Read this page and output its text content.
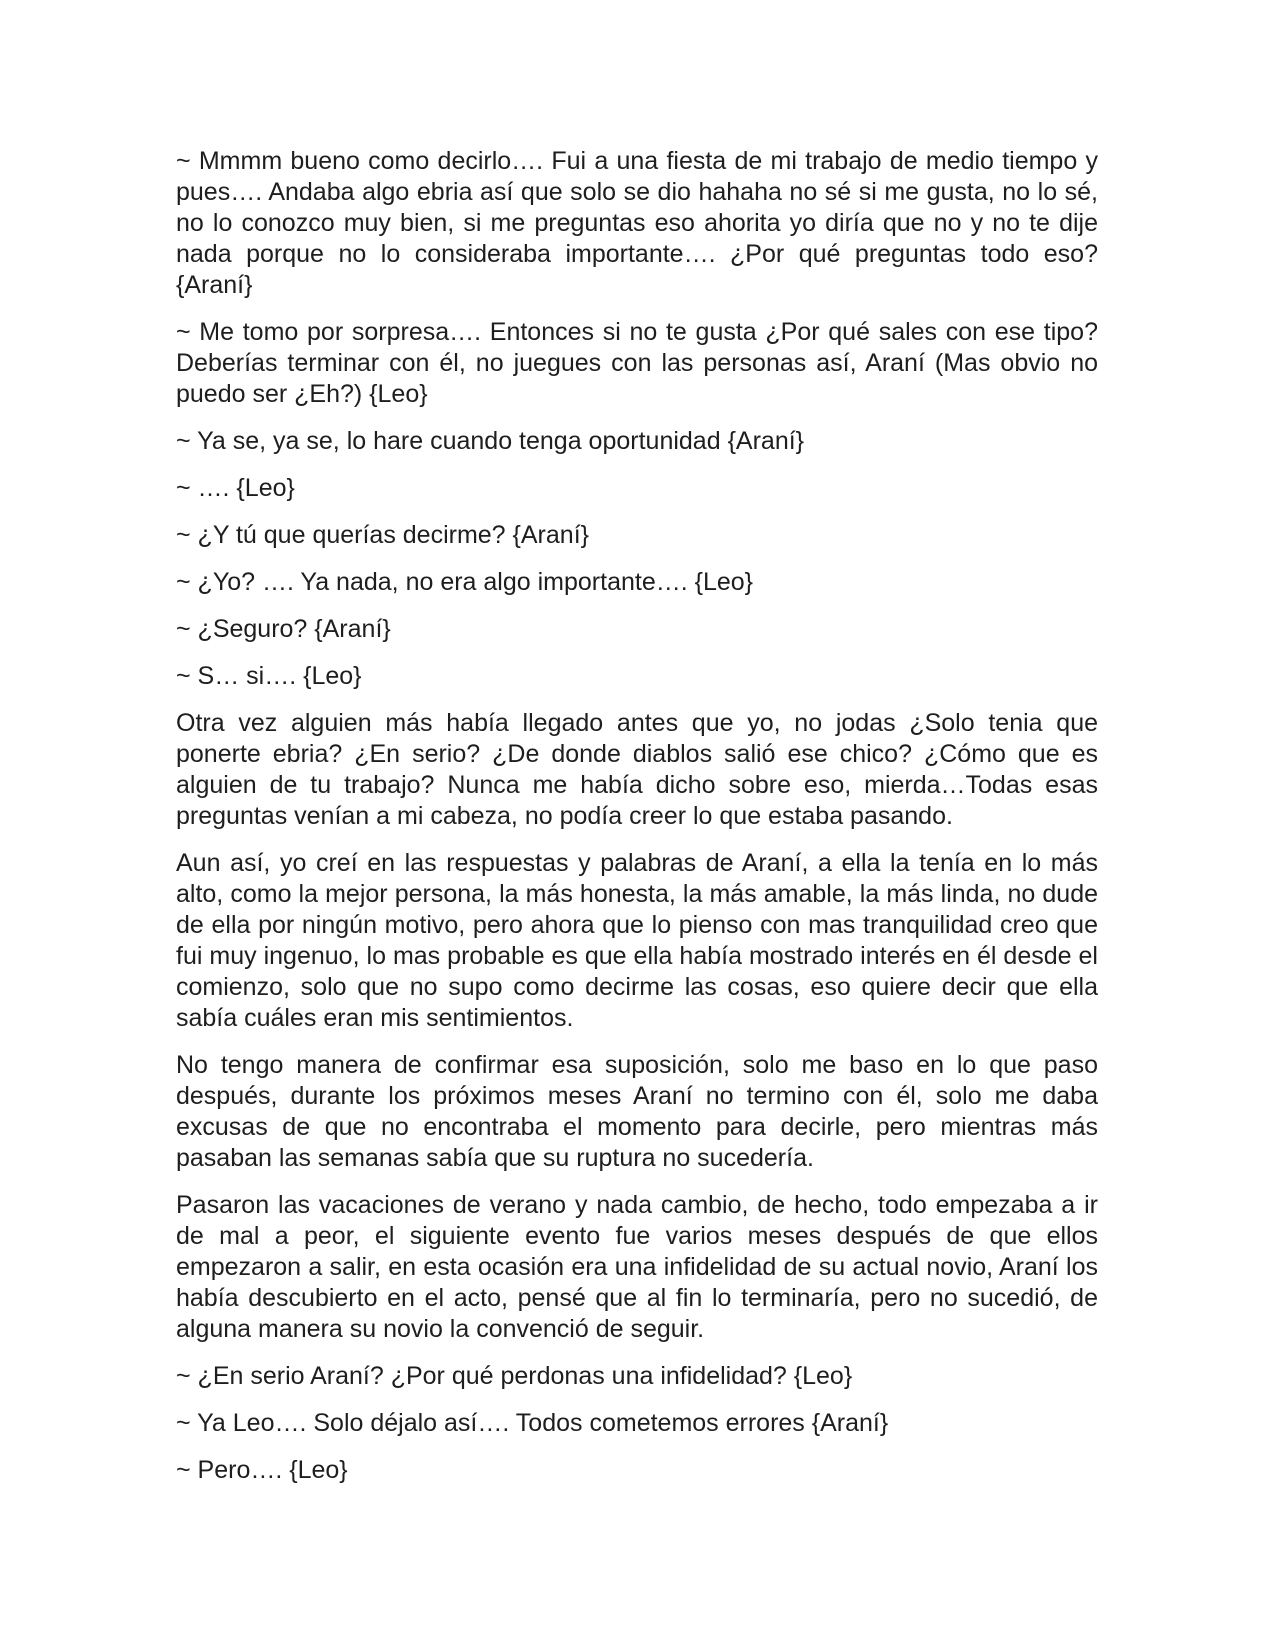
~ Mmmm bueno como decirlo…. Fui a una fiesta de mi trabajo de medio tiempo y pues…. Andaba algo ebria así que solo se dio hahaha no sé si me gusta, no lo sé, no lo conozco muy bien, si me preguntas eso ahorita yo diría que no y no te dije nada porque no lo consideraba importante…. ¿Por qué preguntas todo eso? {Araní}

~ Me tomo por sorpresa…. Entonces si no te gusta ¿Por qué sales con ese tipo? Deberías terminar con él, no juegues con las personas así, Araní (Mas obvio no puedo ser ¿Eh?) {Leo}

~ Ya se, ya se, lo hare cuando tenga oportunidad {Araní}

~ …. {Leo}

~ ¿Y tú que querías decirme? {Araní}

~ ¿Yo? …. Ya nada, no era algo importante…. {Leo}

~ ¿Seguro? {Araní}

~ S… si…. {Leo}

Otra vez alguien más había llegado antes que yo, no jodas ¿Solo tenia que ponerte ebria? ¿En serio? ¿De donde diablos salió ese chico? ¿Cómo que es alguien de tu trabajo? Nunca me había dicho sobre eso, mierda…Todas esas preguntas venían a mi cabeza, no podía creer lo que estaba pasando.

Aun así, yo creí en las respuestas y palabras de Araní, a ella la tenía en lo más alto, como la mejor persona, la más honesta, la más amable, la más linda, no dude de ella por ningún motivo, pero ahora que lo pienso con mas tranquilidad creo que fui muy ingenuo, lo mas probable es que ella había mostrado interés en él desde el comienzo, solo que no supo como decirme las cosas, eso quiere decir que ella sabía cuáles eran mis sentimientos.

No tengo manera de confirmar esa suposición, solo me baso en lo que paso después, durante los próximos meses Araní no termino con él, solo me daba excusas de que no encontraba el momento para decirle, pero mientras más pasaban las semanas sabía que su ruptura no sucedería.

Pasaron las vacaciones de verano y nada cambio, de hecho, todo empezaba a ir de mal a peor, el siguiente evento fue varios meses después de que ellos empezaron a salir, en esta ocasión era una infidelidad de su actual novio, Araní los había descubierto en el acto, pensé que al fin lo terminaría, pero no sucedió, de alguna manera su novio la convenció de seguir.

~ ¿En serio Araní? ¿Por qué perdonas una infidelidad? {Leo}

~ Ya Leo…. Solo déjalo así…. Todos cometemos errores {Araní}

~ Pero…. {Leo}
